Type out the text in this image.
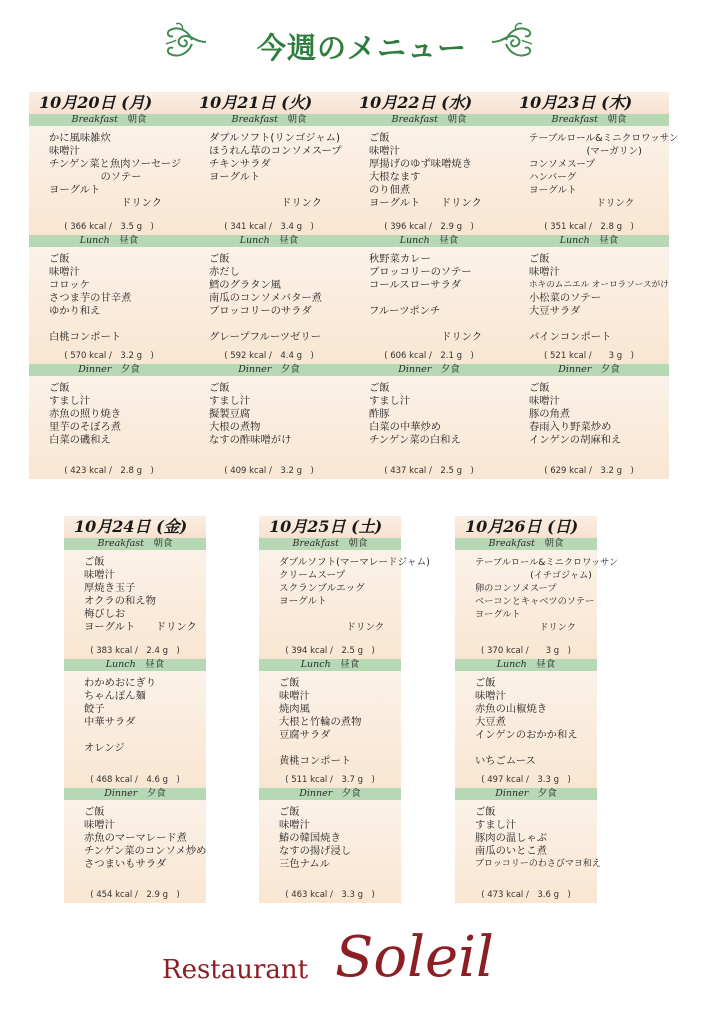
今週のメニュー
10月20日 (月)
Breakfast　 朝食
かに風味雑炊
味噌汁
チンゲン菜と魚肉ソーセージ
　　　　　のソテー
ヨーグルト
　　　　　　　ドリンク
( 366 kcal /　3.5 g　)
Lunch　 昼食
ご飯
味噌汁
コロッケ
さつま芋の甘辛煮
ゆかり和え

白桃コンポート
( 570 kcal /　3.2 g　)
Dinner　 夕食
ご飯
すまし汁
赤魚の照り焼き
里芋のそぼろ煮
白菜の磯和え
( 423 kcal /　2.8 g　)
10月21日 (火)
Breakfast　 朝食
ダブルソフト(リンゴジャム)
ほうれん草のコンソメスープ
チキンサラダ
ヨーグルト

　　　　　　　ドリンク
( 341 kcal /　3.4 g　)
Lunch　 昼食
ご飯
赤だし
鱈のグラタン風
南瓜のコンソメバター煮
ブロッコリーのサラダ

グレープフルーツゼリー
( 592 kcal /　4.4 g　)
Dinner　 夕食
ご飯
すまし汁
擬製豆腐
大根の煮物
なすの酢味噌がけ
( 409 kcal /　3.2 g　)
10月22日 (水)
Breakfast　 朝食
ご飯
味噌汁
厚揚げのゆず味噌焼き
大根なます
のり佃煮
ヨーグルト　　ドリンク
( 396 kcal /　2.9 g　)
Lunch　 昼食
秋野菜カレー
ブロッコリーのソテー
コールスローサラダ

フルーツポンチ

　　　　　　　ドリンク
( 606 kcal /　2.1 g　)
Dinner　 夕食
ご飯
すまし汁
酢豚
白菜の中華炒め
チンゲン菜の白和え
( 437 kcal /　2.5 g　)
10月23日 (木)
Breakfast　 朝食
テーブルロール&ミニクロワッサン
　　　　　　(マーガリン)
コンソメスープ
ハンバーグ
ヨーグルト
　　　　　　　ドリンク
( 351 kcal /　2.8 g　)
Lunch　 昼食
ご飯
味噌汁
ホキのムニエル オーロラソースがけ
小松菜のソテー
大豆サラダ

パインコンポート
( 521 kcal /　　3 g　)
Dinner　 夕食
ご飯
味噌汁
豚の角煮
春雨入り野菜炒め
インゲンの胡麻和え
( 629 kcal /　3.2 g　)
10月24日 (金)
Breakfast　 朝食
ご飯
味噌汁
厚焼き玉子
オクラの和え物
梅びしお
ヨーグルト　　ドリンク
( 383 kcal /　2.4 g　)
Lunch　 昼食
わかめおにぎり
ちゃんぽん麺
餃子
中華サラダ

オレンジ
( 468 kcal /　4.6 g　)
Dinner　 夕食
ご飯
味噌汁
赤魚のマーマレード煮
チンゲン菜のコンソメ炒め
さつまいもサラダ
( 454 kcal /　2.9 g　)
10月25日 (土)
Breakfast　 朝食
ダブルソフト(マーマレードジャム)
クリームスープ
スクランブルエッグ
ヨーグルト

　　　　　　　ドリンク
( 394 kcal /　2.5 g　)
Lunch　 昼食
ご飯
味噌汁
焼肉風
大根と竹輪の煮物
豆腐サラダ

黄桃コンポート
( 511 kcal /　3.7 g　)
Dinner　 夕食
ご飯
味噌汁
鰆の韓国焼き
なすの揚げ浸し
三色ナムル
( 463 kcal /　3.3 g　)
10月26日 (日)
Breakfast　 朝食
テーブルロール&ミニクロワッサン
　　　　　　(イチゴジャム)
卵のコンソメスープ
ベーコンとキャベツのソテー
ヨーグルト
　　　　　　　ドリンク
( 370 kcal /　　3 g　)
Lunch　 昼食
ご飯
味噌汁
赤魚の山椒焼き
大豆煮
インゲンのおかか和え

いちごムース
( 497 kcal /　3.3 g　)
Dinner　 夕食
ご飯
すまし汁
豚肉の温しゃぶ
南瓜のいとこ煮
ブロッコリーのわさびマヨ和え
( 473 kcal /　3.6 g　)
Restaurant Soleil
